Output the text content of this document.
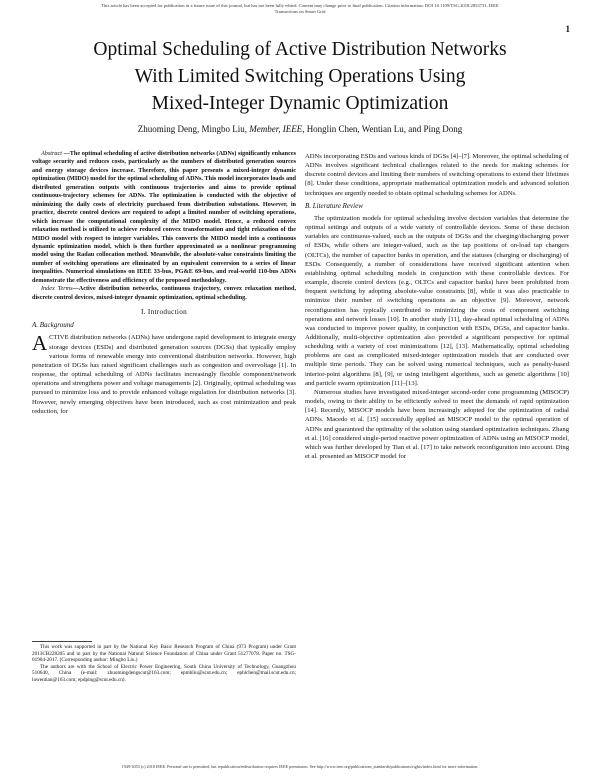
This article has been accepted for publication in a future issue of this journal, but has not been fully edited. Content may change prior to final publication. Citation information: DOI 10.1109/TSG.2018.2853731, IEEE
Transactions on Smart Grid
1
Optimal Scheduling of Active Distribution Networks
With Limited Switching Operations Using
Mixed-Integer Dynamic Optimization
Zhuoming Deng, Mingbo Liu, Member, IEEE, Honglin Chen, Wentian Lu, and Ping Dong

Abstract —The optimal scheduling of active distribution networks (ADNs) significantly enhances voltage security and reduces costs, particularly as the numbers of distributed generation sources and energy storage devices increase. Therefore, this paper presents a mixed-integer dynamic optimization (MIDO) model for the optimal scheduling of ADNs. This model incorporates loads and distributed generation outputs with continuous trajectories and aims to provide optimal continuous-trajectory schemes for ADNs. The optimization is conducted with the objective of minimizing the daily costs of electricity purchased from distribution substations. However, in practice, discrete control devices are required to adopt a limited number of switching operations, which increase the computational complexity of the MIDO model. Hence, a reduced convex relaxation method is utilized to achieve reduced convex transformation and tight relaxation of the MIDO model with respect to integer variables. This converts the MIDO model into a continuous dynamic optimization model, which is then further approximated as a nonlinear programming model using the Radau collocation method. Meanwhile, the absolute-value constraints limiting the number of switching operations are eliminated by an equivalent conversion to a series of linear inequalities. Numerical simulations on IEEE 33-bus, PG&E 69-bus, and real-world 110-bus ADNs demonstrate the effectiveness and efficiency of the proposed methodology.

Index Terms—Active distribution networks, continuous trajectory, convex relaxation method, discrete control devices, mixed-integer dynamic optimization, optimal scheduling.

I. Introduction
A. Background

ACTIVE distribution networks (ADNs) have undergone rapid development to integrate energy storage devices (ESDs) and distributed generation sources (DGSs) that typically employ various forms of renewable energy into conventional distribution networks. However, high penetration of DGSs has raised significant challenges such as congestion and overvoltage [1]. In response, the optimal scheduling of ADNs facilitates increasingly flexible component/network operations and strengthens power and voltage managements [2]. Originally, optimal scheduling was pursued to minimize loss and to provide enhanced voltage regulation for distribution networks [3]. However, newly emerging objectives have been introduced, such as cost minimization and peak reduction, for

This work was supported in part by the National Key Basic Research Program of China (973 Program) under Grant 2013CB228205 and in part by the National Natural Science Foundation of China under Grant 51277078. Paper no. TSG-01904-2017. (Corresponding author: Mingbo Liu.)

The authors are with the School of Electric Power Engineering, South China University of Technology, Guangzhou 510640, China (e-mail: zhuomingdengscut@163.com; epmbliu@scut.edu.cn; ephlchen@mail.scut.edu.cn; luwentian@163.com; epdping@scut.edu.cn).

ADNs incorporating ESDs and various kinds of DGSs [4]–[7]. Moreover, the optimal scheduling of ADNs involves significant technical challenges related to the needs for making schemes for discrete control devices and limiting their numbers of switching operations to extend their lifetimes [8]. Under these conditions, appropriate mathematical optimization models and advanced solution techniques are urgently needed to obtain optimal scheduling schemes for ADNs.

B. Literature Review

The optimization models for optimal scheduling involve decision variables that determine the optimal settings and outputs of a wide variety of controllable devices. Some of these decision variables are continuous-valued, such as the outputs of DGSs and the charging/discharging power of ESDs, while others are integer-valued, such as the tap positions of on-load tap changers (OLTCs), the number of capacitor banks in operation, and the statuses (charging or discharging) of ESDs. Consequently, a number of considerations have received significant attention when establishing optimal scheduling models in conjunction with these controllable devices. For example, discrete control devices (e.g., OLTCs and capacitor banks) have been prohibited from frequent switching by adopting absolute-value constraints [8], while it was also practicable to minimize their number of switching operations as an objective [9]. Moreover, network reconfiguration has typically contributed to minimizing the costs of component switching operations and network losses [10]. In another study [11], day-ahead optimal scheduling of ADNs was conducted to improve power quality, in conjunction with ESDs, DGSs, and capacitor banks. Additionally, multi-objective optimization also provided a significant perspective for optimal scheduling with a variety of cost minimizations [12], [13]. Mathematically, optimal scheduling problems are cast as complicated mixed-integer optimization models that are conducted over multiple time periods. They can be solved using numerical techniques, such as penalty-based interior-point algorithms [8], [9], or using intelligent algorithms, such as genetic algorithms [10] and particle swarm optimization [11]–[13].

Numerous studies have investigated mixed-integer second-order cone programming (MISOCP) models, owing to their ability to be efficiently solved to meet the demands of rapid optimization [14]. Recently, MISOCP models have been increasingly adopted for the optimization of radial ADNs. Macedo et al. [15] successfully applied an MISOCP model to the optimal operation of ADNs and guaranteed the optimality of the solution using standard optimization techniques. Zhang et al. [16] considered single-period reactive power optimization of ADNs using an MISOCP model, which was further developed by Tian et al. [17] to take network reconfiguration into account. Ding et al. presented an MISOCP model for

1949-3053 (c) 2018 IEEE. Personal use is permitted, but republication/redistribution requires IEEE permission. See http://www.ieee.org/publications_standards/publications/rights/index.html for more information.
